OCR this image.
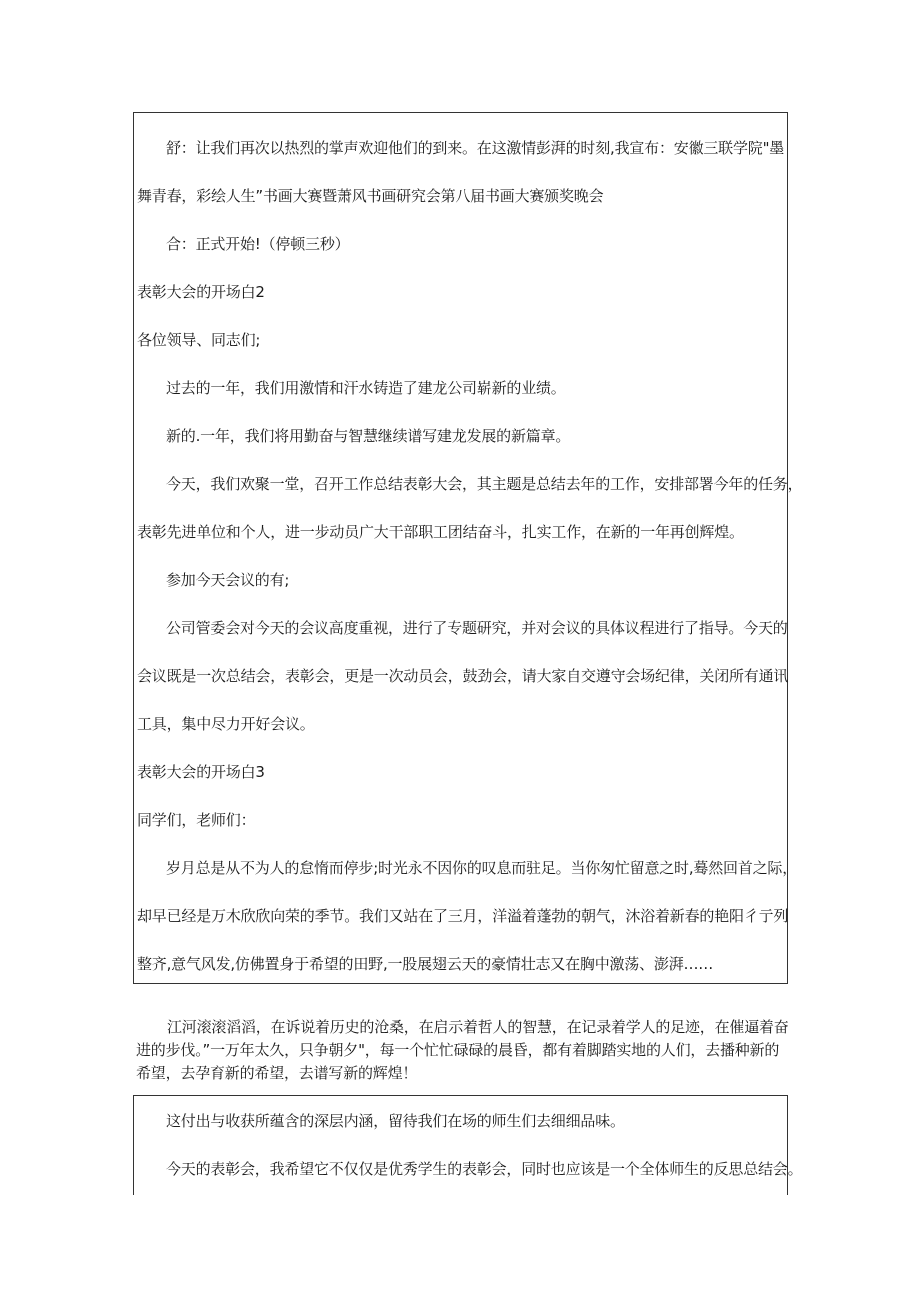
舒：让我们再次以热烈的掌声欢迎他们的到来。在这激情彭湃的时刻,我宣布：安徽三联学院"墨
舞青春，彩绘人生”书画大赛暨萧风书画研究会第八届书画大赛颁奖晚会
合：正式开始!（停顿三秒）
表彰大会的开场白2
各位领导、同志们;
过去的一年，我们用激情和汗水铸造了建龙公司崭新的业绩。
新的.一年，我们将用勤奋与智慧继续谱写建龙发展的新篇章。
今天，我们欢聚一堂，召开工作总结表彰大会，其主题是总结去年的工作，安排部署今年的任务，
表彰先进单位和个人，进一步动员广大干部职工团结奋斗，扎实工作，在新的一年再创辉煌。
参加今天会议的有;
公司管委会对今天的会议高度重视，进行了专题研究，并对会议的具体议程进行了指导。今天的
会议既是一次总结会，表彰会，更是一次动员会，鼓劲会，请大家自交遵守会场纪律，关闭所有通讯
工具，集中尽力开好会议。
表彰大会的开场白3
同学们，老师们：
岁月总是从不为人的怠惰而停步;时光永不因你的叹息而驻足。当你匆忙留意之时,蓦然回首之际，
却早已经是万木欣欣向荣的季节。我们又站在了三月，洋溢着蓬勃的朝气，沐浴着新春的艳阳彳亍列
整齐,意气风发,仿佛置身于希望的田野,一股展翅云天的豪情壮志又在胸中激荡、澎湃……
江河滚滚滔滔，在诉说着历史的沧桑，在启示着哲人的智慧，在记录着学人的足迹，在催逼着奋
进的步伐。”一万年太久，只争朝夕"，每一个忙忙碌碌的晨昏，都有着脚踏实地的人们，去播种新的
希望，去孕育新的希望，去谱写新的辉煌！
这付出与收获所蕴含的深层内涵，留待我们在场的师生们去细细品味。
今天的表彰会，我希望它不仅仅是优秀学生的表彰会，同时也应该是一个全体师生的反思总结会。
